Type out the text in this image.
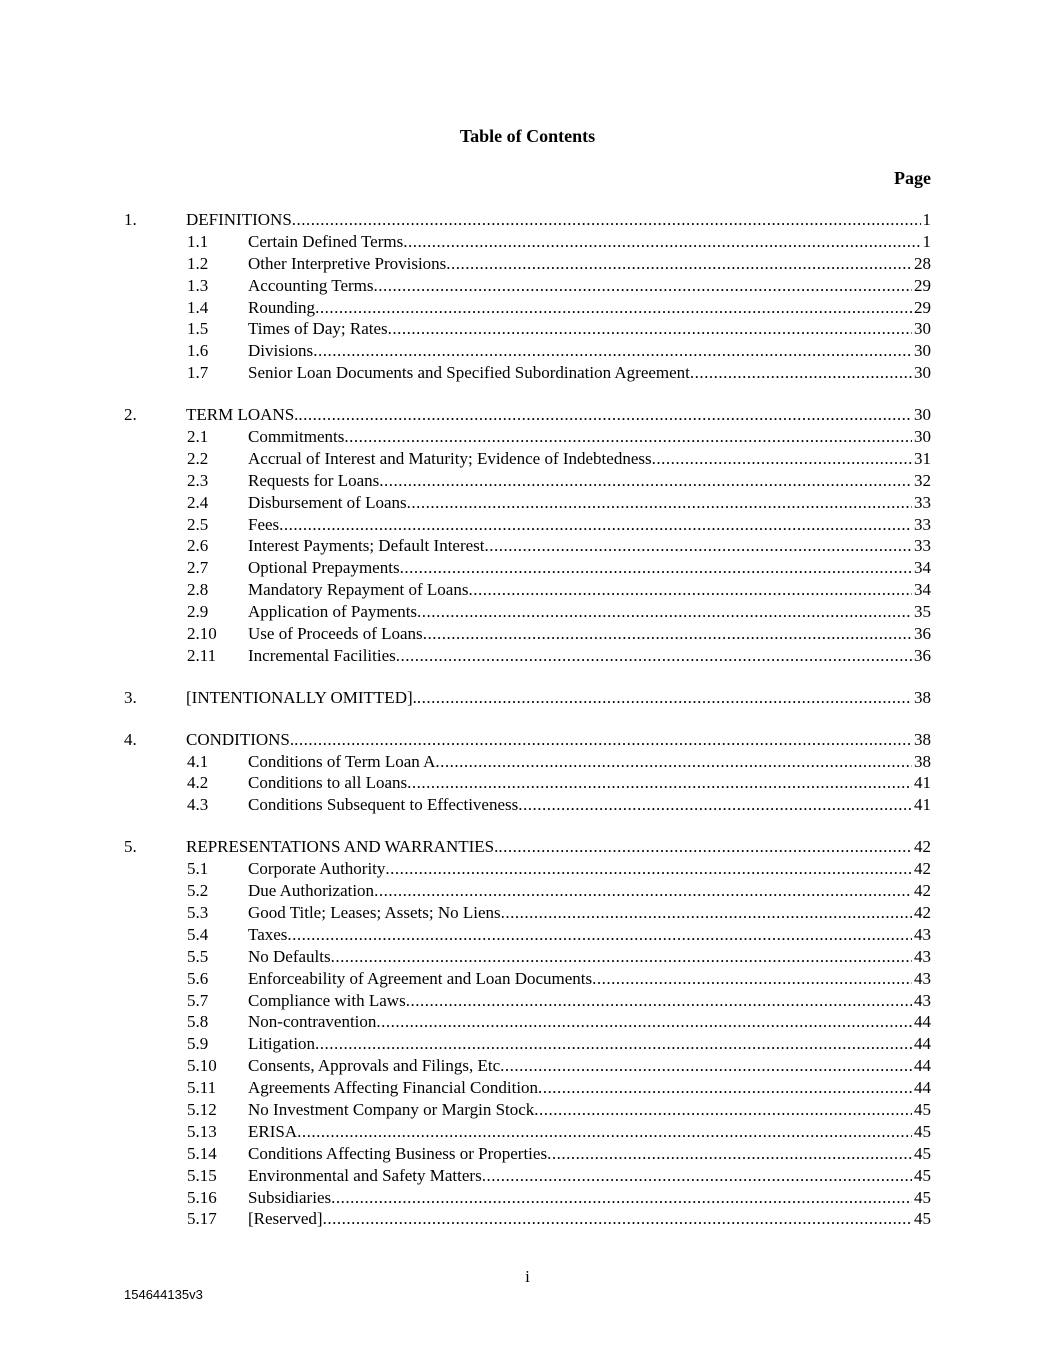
Table of Contents
Page
1.	DEFINITIONS .....	1
1.1 Certain Defined Terms .....	1
1.2 Other Interpretive Provisions .....	28
1.3 Accounting Terms .....	29
1.4 Rounding .....	29
1.5 Times of Day; Rates .....	30
1.6 Divisions .....	30
1.7 Senior Loan Documents and Specified Subordination Agreement .....	30
2.	TERM LOANS. .....	30
2.1 Commitments .....	30
2.2 Accrual of Interest and Maturity; Evidence of Indebtedness .....	31
2.3 Requests for Loans .....	32
2.4 Disbursement of Loans .....	33
2.5 Fees .....	33
2.6 Interest Payments; Default Interest .....	33
2.7 Optional Prepayments .....	34
2.8 Mandatory Repayment of Loans .....	34
2.9 Application of Payments .....	35
2.10 Use of Proceeds of Loans .....	36
2.11 Incremental Facilities .....	36
3.	[INTENTIONALLY OMITTED]. .....	38
4.	CONDITIONS. .....	38
4.1 Conditions of Term Loan A .....	38
4.2 Conditions to all Loans .....	41
4.3 Conditions Subsequent to Effectiveness .....	41
5.	REPRESENTATIONS AND WARRANTIES. .....	42
5.1 Corporate Authority .....	42
5.2 Due Authorization .....	42
5.3 Good Title; Leases; Assets; No Liens .....	42
5.4 Taxes .....	43
5.5 No Defaults .....	43
5.6 Enforceability of Agreement and Loan Documents .....	43
5.7 Compliance with Laws .....	43
5.8 Non-contravention .....	44
5.9 Litigation .....	44
5.10 Consents, Approvals and Filings, Etc .....	44
5.11 Agreements Affecting Financial Condition .....	44
5.12 No Investment Company or Margin Stock .....	45
5.13 ERISA .....	45
5.14 Conditions Affecting Business or Properties .....	45
5.15 Environmental and Safety Matters .....	45
5.16 Subsidiaries .....	45
5.17 [Reserved] .....	45
i
154644135v3
